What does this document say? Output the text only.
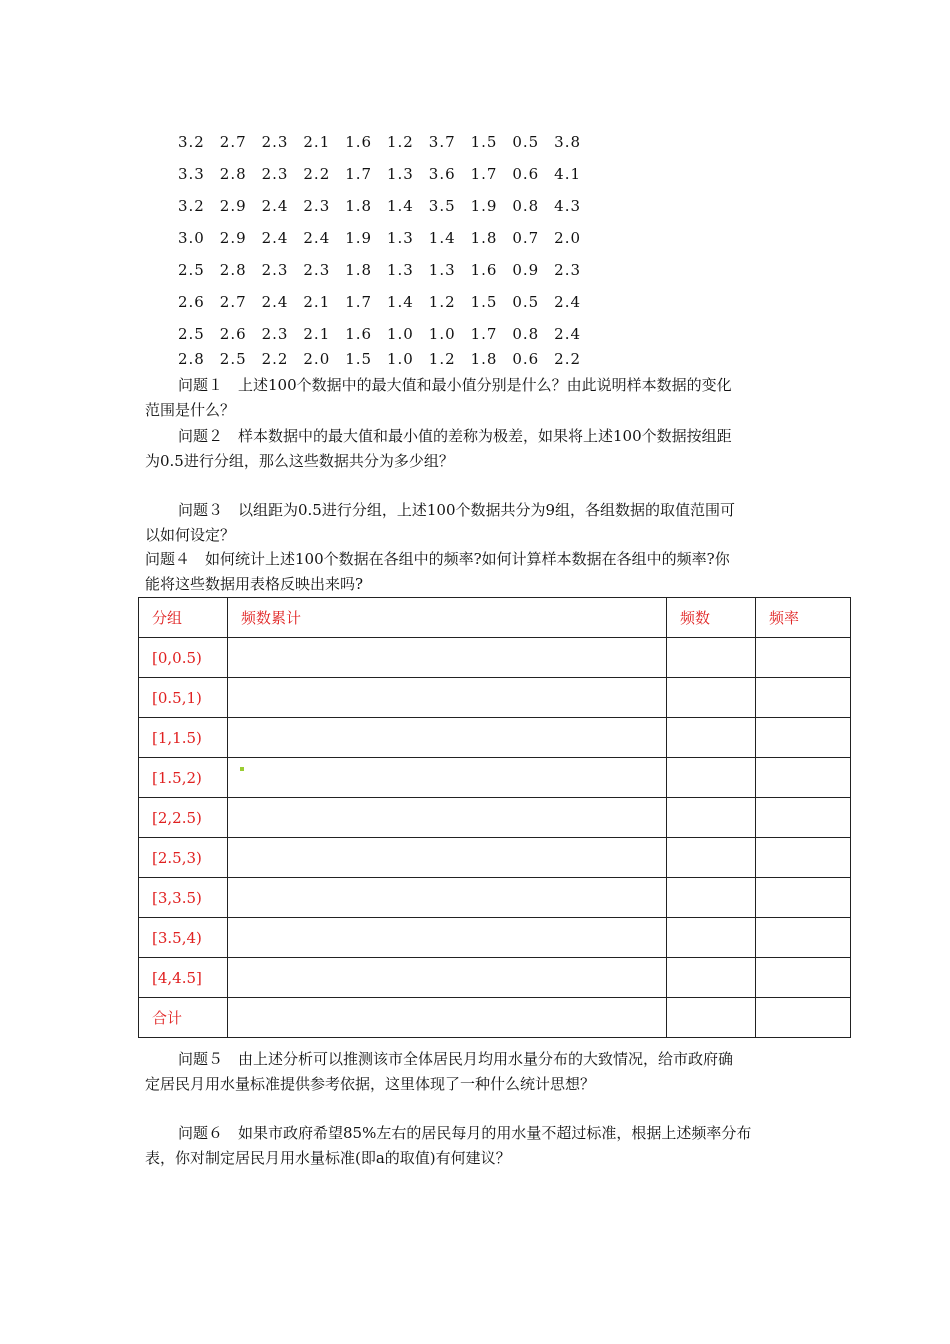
3.2 2.7 2.3 2.1 1.6 1.2 3.7 1.5 0.5 3.8
3.3 2.8 2.3 2.2 1.7 1.3 3.6 1.7 0.6 4.1
3.2 2.9 2.4 2.3 1.8 1.4 3.5 1.9 0.8 4.3
3.0 2.9 2.4 2.4 1.9 1.3 1.4 1.8 0.7 2.0
2.5 2.8 2.3 2.3 1.8 1.3 1.3 1.6 0.9 2.3
2.6 2.7 2.4 2.1 1.7 1.4 1.2 1.5 0.5 2.4
2.5 2.6 2.3 2.1 1.6 1.0 1.0 1.7 0.8 2.4
2.8 2.5 2.2 2.0 1.5 1.0 1.2 1.8 0.6 2.2
问题１　上述100个数据中的最大值和最小值分别是什么？由此说明样本数据的变化
范围是什么？
问题２　样本数据中的最大值和最小值的差称为极差，如果将上述100个数据按组距
为0.5进行分组，那么这些数据共分为多少组？
问题３　以组距为0.5进行分组，上述100个数据共分为9组，各组数据的取值范围可
以如何设定？
问题４　如何统计上述100个数据在各组中的频率?如何计算样本数据在各组中的频率?你
能将这些数据用表格反映出来吗?
分组	频数累计	频数	频率
[0,0.5)			
[0.5,1)			
[1,1.5)			
[1.5,2)			
[2,2.5)			
[2.5,3)			
[3,3.5)			
[3.5,4)			
[4,4.5]			
合计			
问题５　由上述分析可以推测该市全体居民月均用水量分布的大致情况，给市政府确
定居民月用水量标准提供参考依据，这里体现了一种什么统计思想？
问题６　如果市政府希望85%左右的居民每月的用水量不超过标准，根据上述频率分布
表，你对制定居民月用水量标准(即a的取值)有何建议？
